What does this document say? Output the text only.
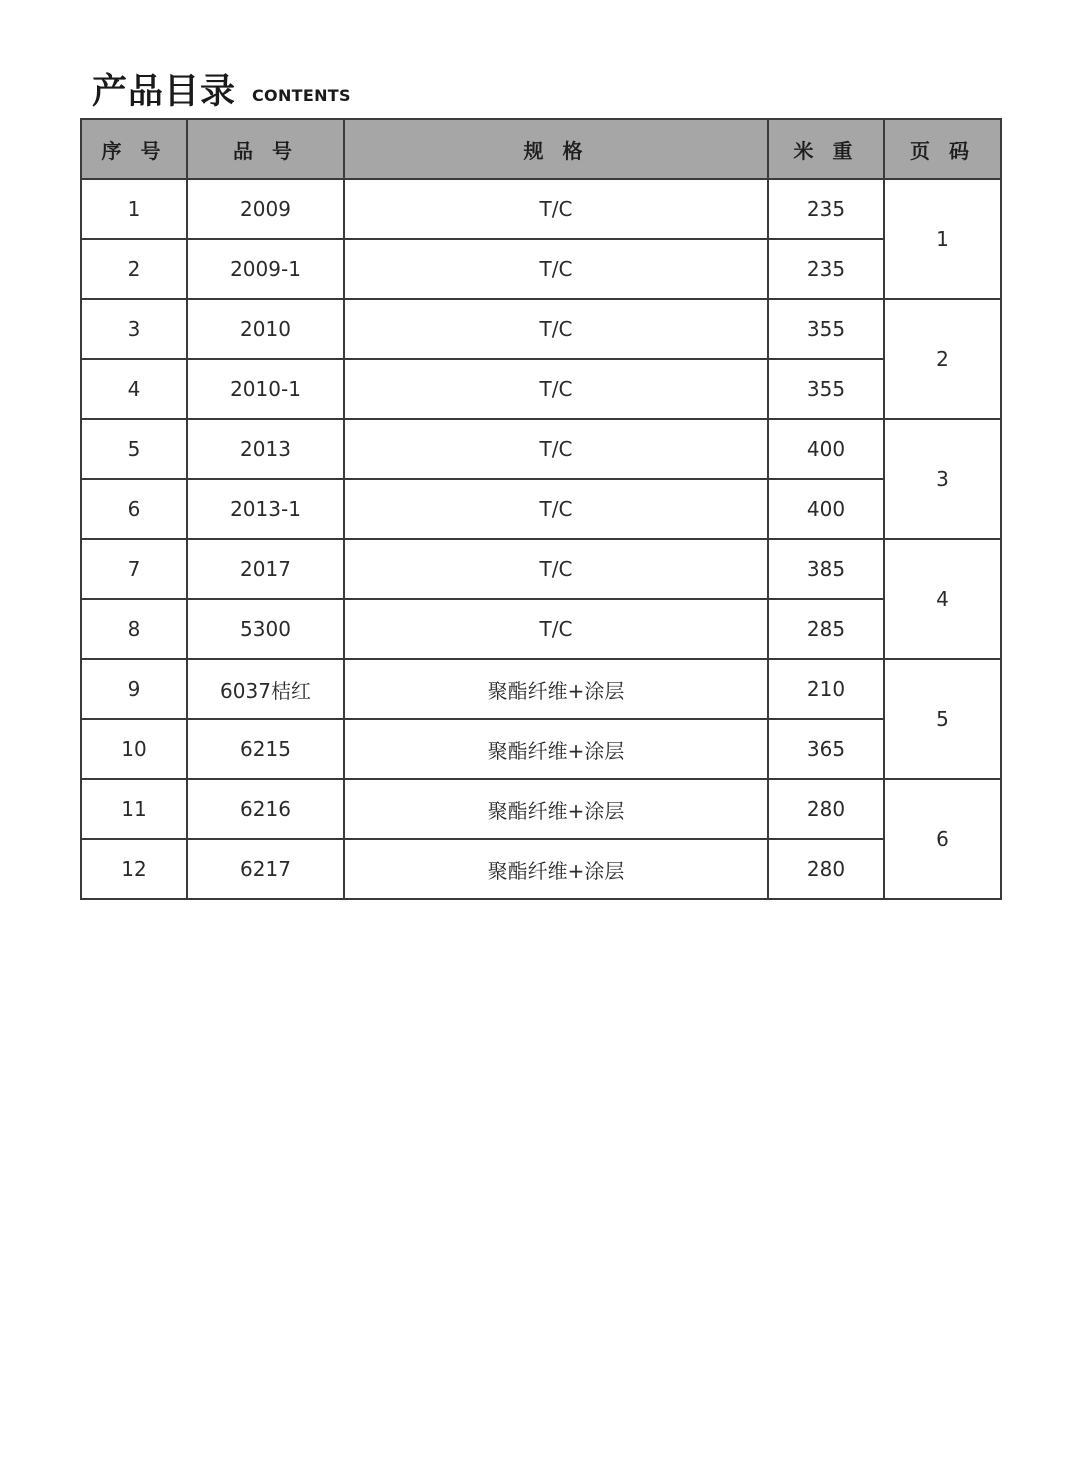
产品目录 CONTENTS
序 号	品 号	规 格	米 重	页 码
1	2009	T/C	235	1
2	2009-1	T/C	235	
3	2010	T/C	355	2
4	2010-1	T/C	355	
5	2013	T/C	400	3
6	2013-1	T/C	400	
7	2017	T/C	385	4
8	5300	T/C	285	
9	6037桔红	聚酯纤维+涂层	210	5
10	6215	聚酯纤维+涂层	365	
11	6216	聚酯纤维+涂层	280	6
12	6217	聚酯纤维+涂层	280	
